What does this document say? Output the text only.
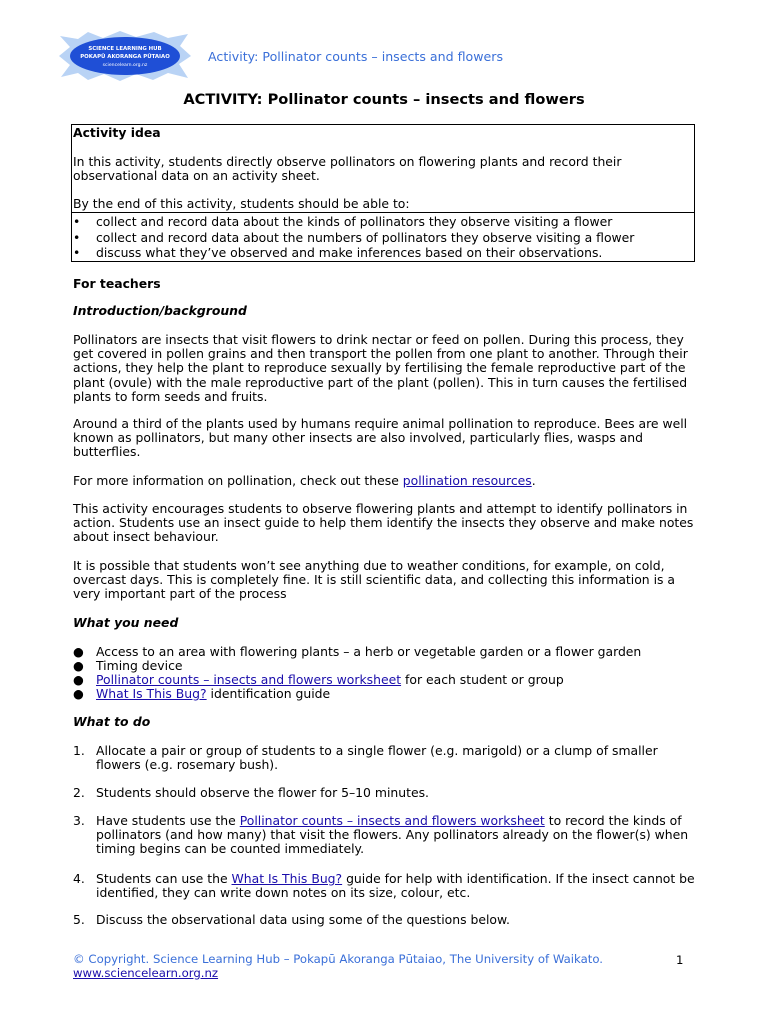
SCIENCE LEARNING HUB
POKAPŪ AKORANGA PŪTAIAO
sciencelearn.org.nz
Activity: Pollinator counts – insects and flowers
ACTIVITY: Pollinator counts – insects and flowers
Activity idea
In this activity, students directly observe pollinators on flowering plants and record their observational data on an activity sheet.
By the end of this activity, students should be able to:
•	collect and record data about the kinds of pollinators they observe visiting a flower
•	collect and record data about the numbers of pollinators they observe visiting a flower
•	discuss what they’ve observed and make inferences based on their observations.
For teachers
Introduction/background
Pollinators are insects that visit flowers to drink nectar or feed on pollen. During this process, they get covered in pollen grains and then transport the pollen from one plant to another. Through their actions, they help the plant to reproduce sexually by fertilising the female reproductive part of the plant (ovule) with the male reproductive part of the plant (pollen). This in turn causes the fertilised plants to form seeds and fruits.
Around a third of the plants used by humans require animal pollination to reproduce. Bees are well known as pollinators, but many other insects are also involved, particularly flies, wasps and butterflies.
For more information on pollination, check out these pollination resources.
This activity encourages students to observe flowering plants and attempt to identify pollinators in action. Students use an insect guide to help them identify the insects they observe and make notes about insect behaviour.
It is possible that students won’t see anything due to weather conditions, for example, on cold, overcast days. This is completely fine. It is still scientific data, and collecting this information is a very important part of the process
What you need
● Access to an area with flowering plants – a herb or vegetable garden or a flower garden
● Timing device
● Pollinator counts – insects and flowers worksheet for each student or group
● What Is This Bug? identification guide
What to do
1. Allocate a pair or group of students to a single flower (e.g. marigold) or a clump of smaller flowers (e.g. rosemary bush).
2. Students should observe the flower for 5–10 minutes.
3. Have students use the Pollinator counts – insects and flowers worksheet to record the kinds of pollinators (and how many) that visit the flowers. Any pollinators already on the flower(s) when timing begins can be counted immediately.
4. Students can use the What Is This Bug? guide for help with identification. If the insect cannot be identified, they can write down notes on its size, colour, etc.
5. Discuss the observational data using some of the questions below.
© Copyright. Science Learning Hub – Pokapū Akoranga Pūtaiao, The University of Waikato.
www.sciencelearn.org.nz
1
